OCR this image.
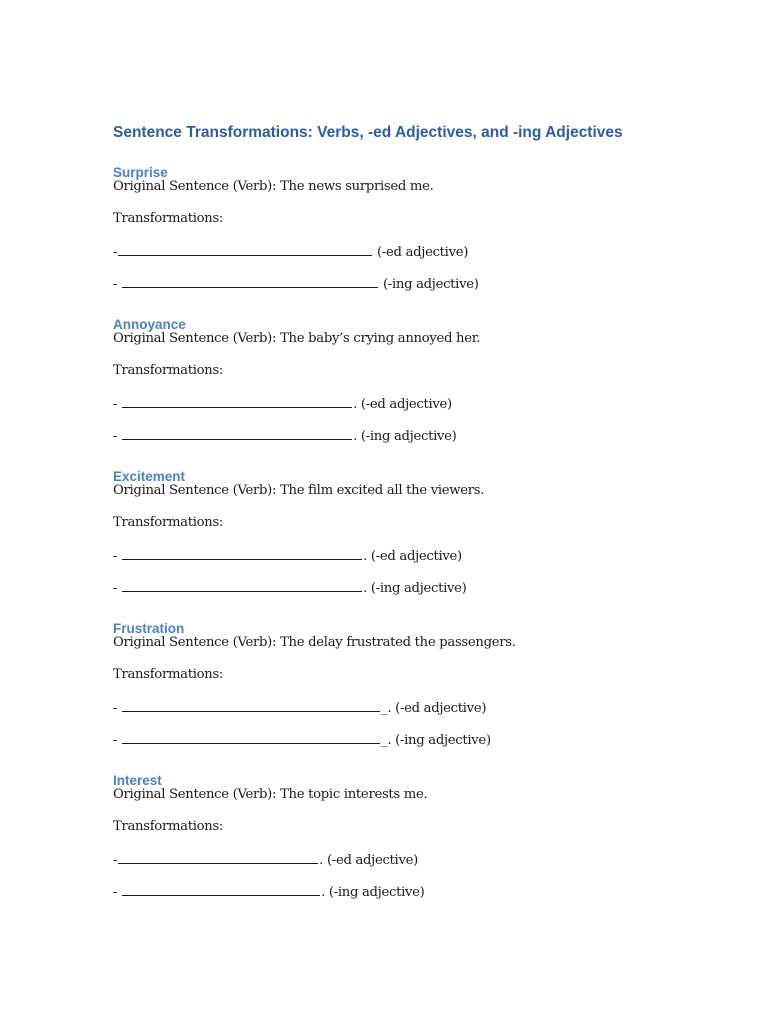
Sentence Transformations: Verbs, -ed Adjectives, and -ing Adjectives
Surprise
Original Sentence (Verb): The news surprised me.
Transformations:
-	(-ed adjective)
-	(-ing adjective)
Annoyance
Original Sentence (Verb): The baby’s crying annoyed her.
Transformations:
-	. (-ed adjective)
-	. (-ing adjective)
Excitement
Original Sentence (Verb): The film excited all the viewers.
Transformations:
-	. (-ed adjective)
-	. (-ing adjective)
Frustration
Original Sentence (Verb): The delay frustrated the passengers.
Transformations:
-	_. (-ed adjective)
-	_. (-ing adjective)
Interest
Original Sentence (Verb): The topic interests me.
Transformations:
-	. (-ed adjective)
-	. (-ing adjective)
